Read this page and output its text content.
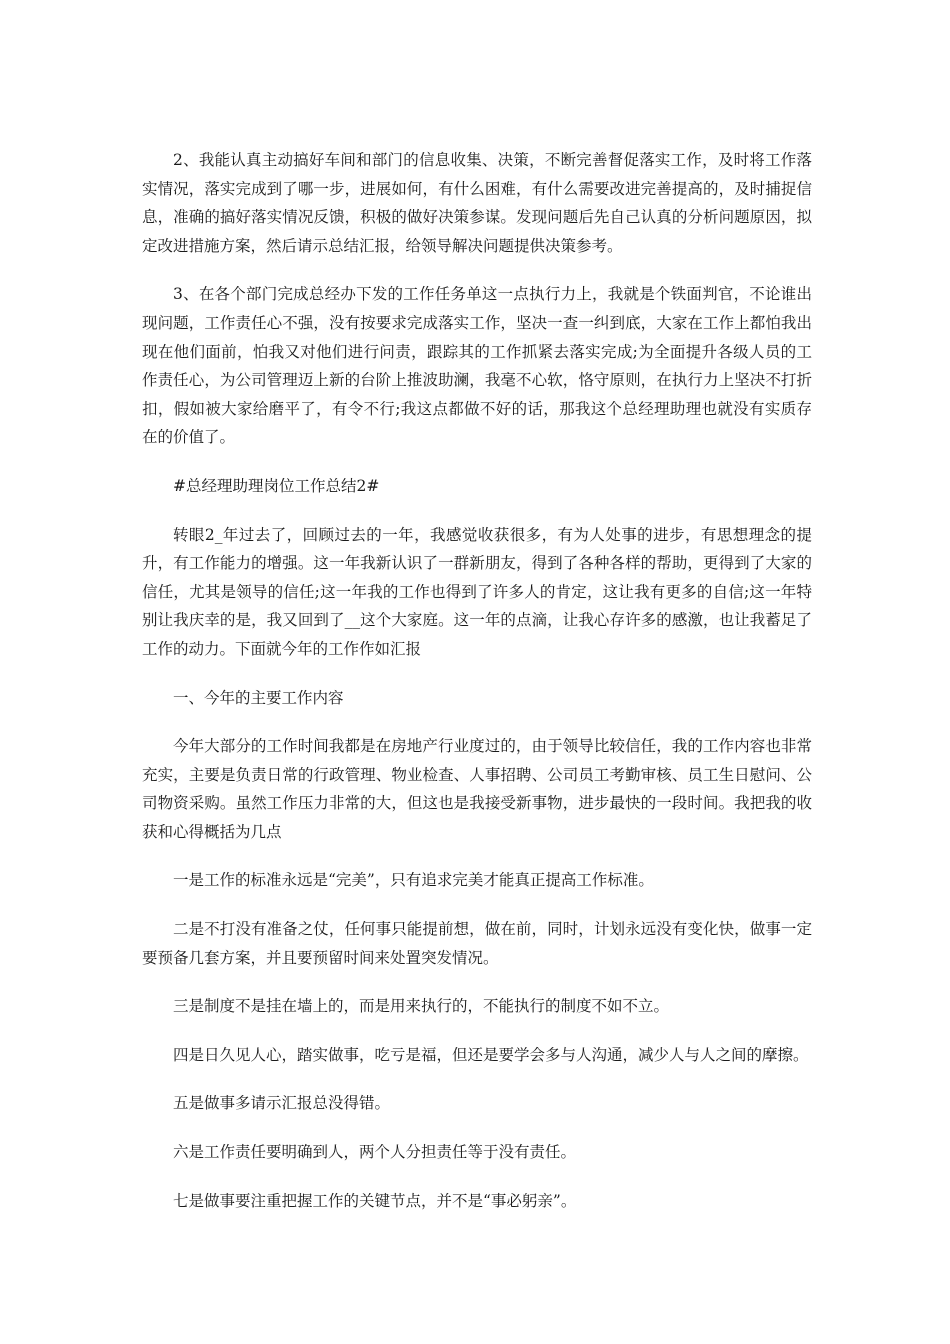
2、我能认真主动搞好车间和部门的信息收集、决策，不断完善督促落实工作，及时将工作落实情况，落实完成到了哪一步，进展如何，有什么困难，有什么需要改进完善提高的，及时捕捉信息，准确的搞好落实情况反馈，积极的做好决策参谋。发现问题后先自己认真的分析问题原因，拟定改进措施方案，然后请示总结汇报，给领导解决问题提供决策参考。

3、在各个部门完成总经办下发的工作任务单这一点执行力上，我就是个铁面判官，不论谁出现问题，工作责任心不强，没有按要求完成落实工作，坚决一查一纠到底，大家在工作上都怕我出现在他们面前，怕我又对他们进行问责，跟踪其的工作抓紧去落实完成;为全面提升各级人员的工作责任心，为公司管理迈上新的台阶上推波助澜，我毫不心软，恪守原则，在执行力上坚决不打折扣，假如被大家给磨平了，有令不行;我这点都做不好的话，那我这个总经理助理也就没有实质存在的价值了。

#总经理助理岗位工作总结2#

转眼2_年过去了，回顾过去的一年，我感觉收获很多，有为人处事的进步，有思想理念的提升，有工作能力的增强。这一年我新认识了一群新朋友，得到了各种各样的帮助，更得到了大家的信任，尤其是领导的信任;这一年我的工作也得到了许多人的肯定，这让我有更多的自信;这一年特别让我庆幸的是，我又回到了__这个大家庭。这一年的点滴，让我心存许多的感激，也让我蓄足了工作的动力。下面就今年的工作作如汇报

一、今年的主要工作内容

今年大部分的工作时间我都是在房地产行业度过的，由于领导比较信任，我的工作内容也非常充实，主要是负责日常的行政管理、物业检查、人事招聘、公司员工考勤审核、员工生日慰问、公司物资采购。虽然工作压力非常的大，但这也是我接受新事物，进步最快的一段时间。我把我的收获和心得概括为几点

一是工作的标准永远是“完美”，只有追求完美才能真正提高工作标准。

二是不打没有准备之仗，任何事只能提前想，做在前，同时，计划永远没有变化快，做事一定要预备几套方案，并且要预留时间来处置突发情况。

三是制度不是挂在墙上的，而是用来执行的，不能执行的制度不如不立。

四是日久见人心，踏实做事，吃亏是福，但还是要学会多与人沟通，减少人与人之间的摩擦。

五是做事多请示汇报总没得错。

六是工作责任要明确到人，两个人分担责任等于没有责任。

七是做事要注重把握工作的关键节点，并不是“事必躬亲”。
